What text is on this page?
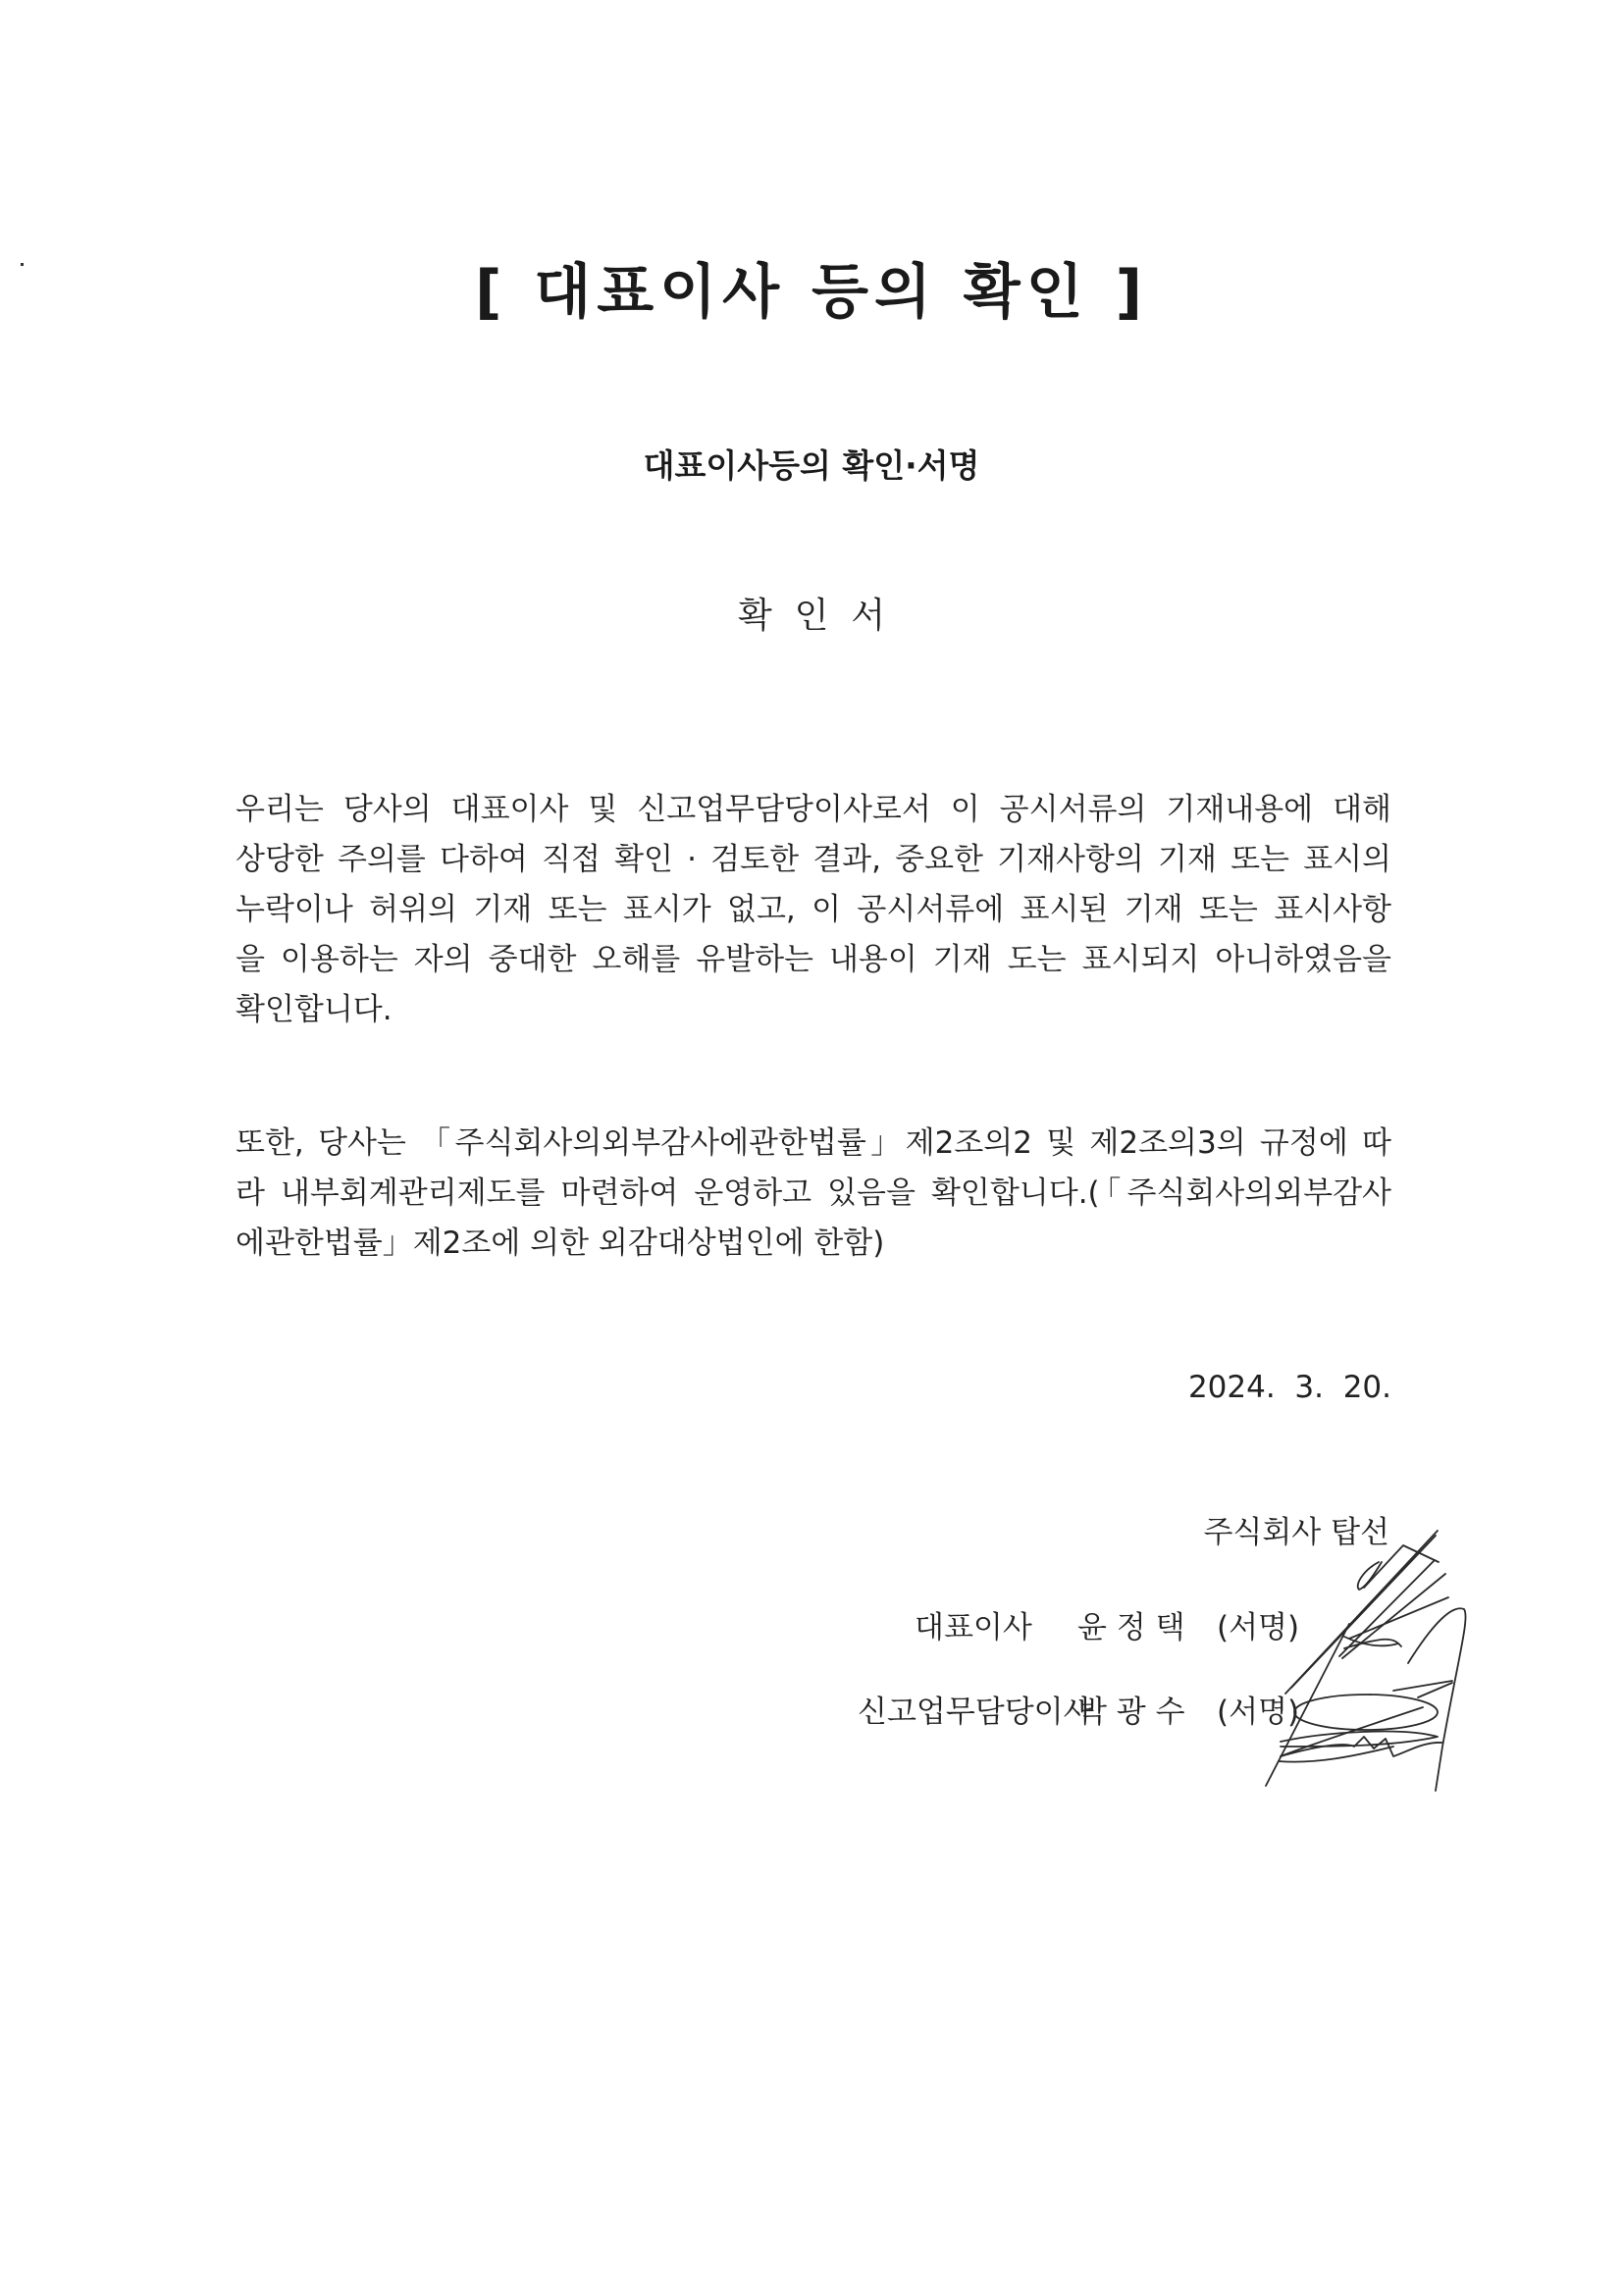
[ 대표이사 등의 확인 ]
대표이사등의 확인·서명
확  인  서
우리는 당사의 대표이사 및 신고업무담당이사로서 이 공시서류의 기재내용에 대해
상당한 주의를 다하여 직접 확인 · 검토한 결과, 중요한 기재사항의 기재 또는 표시의
누락이나 허위의 기재 또는 표시가 없고, 이 공시서류에 표시된 기재 또는 표시사항
을 이용하는 자의 중대한 오해를 유발하는 내용이 기재 도는 표시되지 아니하였음을
확인합니다.
또한, 당사는 「주식회사의외부감사에관한법률」제2조의2 및 제2조의3의 규정에 따
라 내부회계관리제도를 마련하여 운영하고 있음을 확인합니다.(「주식회사의외부감사
에관한법률」제2조에 의한 외감대상법인에 한함)
2024.  3.  20.
주식회사 탑선
대표이사 윤 정 택 (서명)
신고업무담당이사
박 광 수 (서명)
